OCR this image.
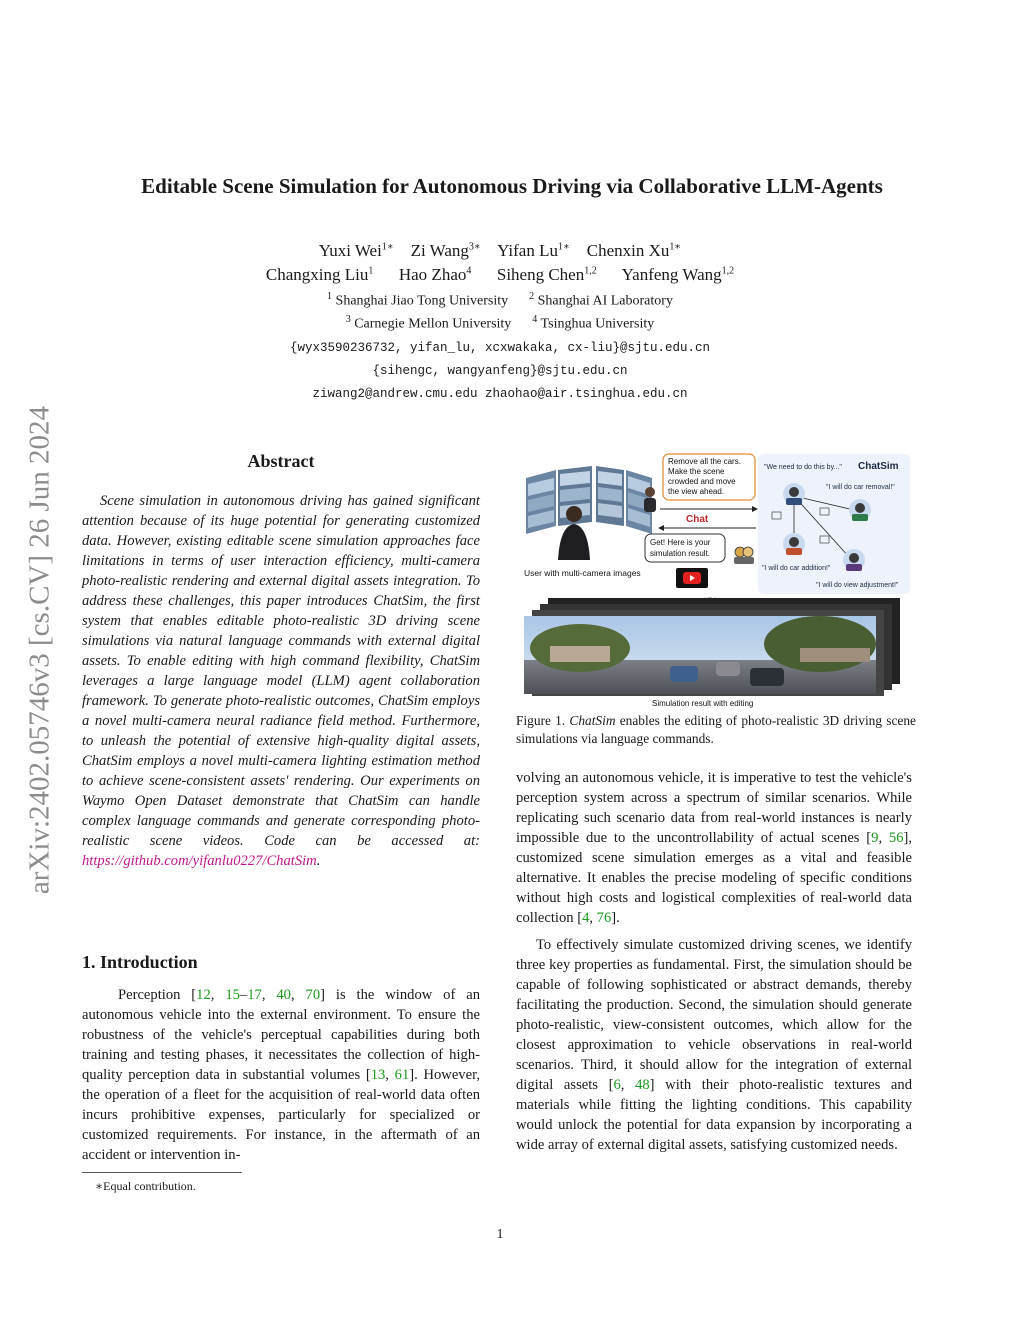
arXiv:2402.05746v3 [cs.CV] 26 Jun 2024
Editable Scene Simulation for Autonomous Driving via Collaborative LLM-Agents
Yuxi Wei$^{1∗}$ Zi Wang$^{3∗}$ Yifan $Lu^{1∗}$ Chenxin $Xu^{1∗}$
Changxing Liu$^1$ Hao Zhao$^4$ Siheng Chen$^{1,2}$ Yanfeng Wang$^{1,2}$
$^1$ Shanghai Jiao Tong University $^2$ Shanghai AI Laboratory
$^3$ Carnegie Mellon University $^4$ Tsinghua University
{wyx3590236732, yifan_lu, xcxwakaka, cx-liu}@sjtu.edu.cn
{sihengc, wangyanfeng}@sjtu.edu.cn
ziwang2@andrew.cmu.edu zhaohao@air.tsinghua.edu.cn
Abstract

Scene simulation in autonomous driving has gained significant attention because of its huge potential for generating customized data. However, existing editable scene simulation approaches face limitations in terms of user interaction efficiency, multi-camera photo-realistic rendering and external digital assets integration. To address these challenges, this paper introduces ChatSim, the first system that enables editable photo-realistic 3D driving scene simulations via natural language commands with external digital assets. To enable editing with high command flexibility, ChatSim leverages a large language model (LLM) agent collaboration framework. To generate photo-realistic outcomes, ChatSim employs a novel multi-camera neural radiance field method. Furthermore, to unleash the potential of extensive high-quality digital assets, ChatSim employs a novel multi-camera lighting estimation method to achieve scene-consistent assets' rendering. Our experiments on Waymo Open Dataset demonstrate that ChatSim can handle complex language commands and generate corresponding photo-realistic scene videos. Code can be accessed at: https://github.com/yifanlu0227/ChatSim.

1. Introduction

Perception [12, 15–17, 40, 70] is the window of an autonomous vehicle into the external environment. To ensure the robustness of the vehicle's perceptual capabilities during both training and testing phases, it necessitates the collection of high-quality perception data in substantial volumes [13, 61]. However, the operation of a fleet for the acquisition of real-world data often incurs prohibitive expenses, particularly for specialized or customized requirements. For instance, in the aftermath of an accident or intervention in-

∗Equal contribution.
1

volving an autonomous vehicle, it is imperative to test the vehicle's perception system across a spectrum of similar scenarios. While replicating such scenario data from real-world instances is nearly impossible due to the uncontrollability of actual scenes [9, 56], customized scene simulation emerges as a vital and feasible alternative. It enables the precise modeling of specific conditions without high costs and logistical complexities of real-world data collection [4, 76].

To effectively simulate customized driving scenes, we identify three key properties as fundamental. First, the simulation should be capable of following sophisticated or abstract demands, thereby facilitating the production. Second, the simulation should generate photo-realistic, view-consistent outcomes, which allow for the closest approximation to vehicle observations in real-world scenarios. Third, it should allow for the integration of external digital assets [6, 48] with their photo-realistic textures and materials while fitting the lighting conditions. This capability would unlock the potential for data expansion by incorporating a wide array of external digital assets, satisfying customized needs.

User with multi-camera images
Remove all the cars. Make the scene crowded and move the view ahead.
Chat
Get! Here is your simulation result.
ChatSim
"We need to do this by..."
"I will do car removal!"
"I will do car addition!"
"I will do view adjustment!"
Simulation result with editing
Figure 1. ChatSim enables the editing of photo-realistic 3D driving scene simulations via language commands.
